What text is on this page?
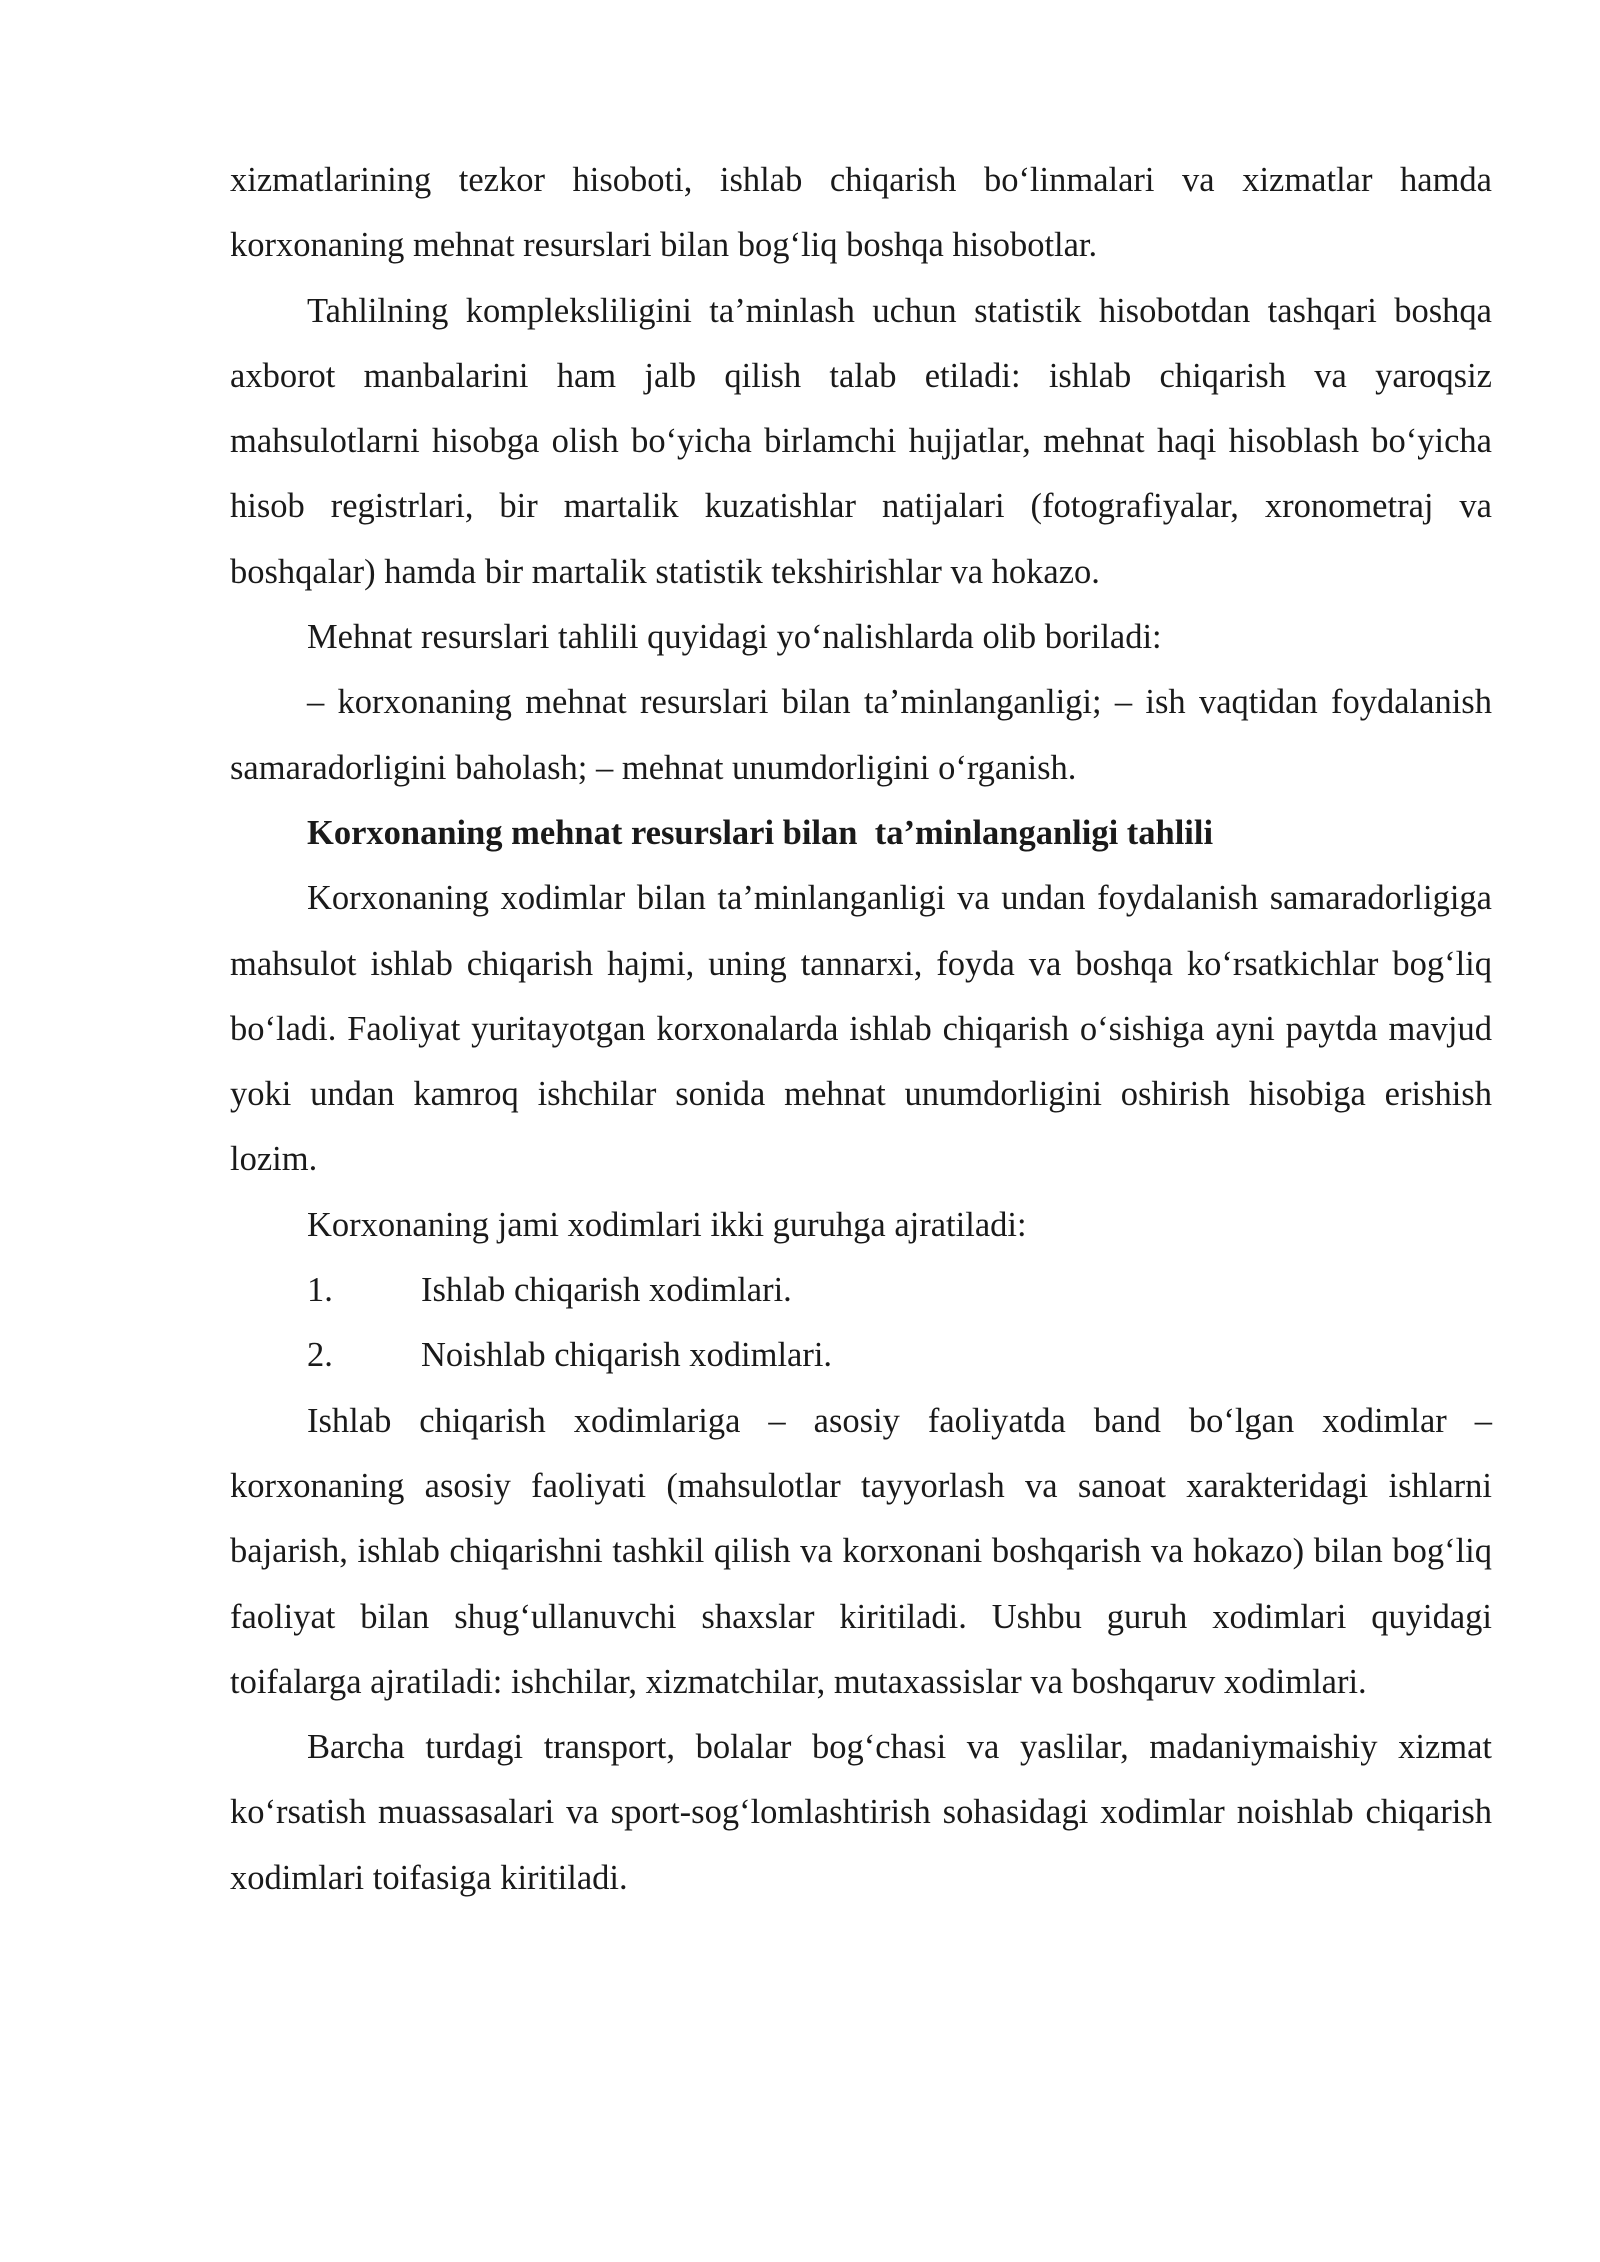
xizmatlarining tezkor hisoboti, ishlab chiqarish bo‘linmalari va xizmatlar hamda korxonaning mehnat resurslari bilan bog‘liq boshqa hisobotlar.

Tahlilning kompleksliligini ta’minlash uchun statistik hisobotdan tashqari boshqa axborot manbalarini ham jalb qilish talab etiladi: ishlab chiqarish va yaroqsiz mahsulotlarni hisobga olish bo‘yicha birlamchi hujjatlar, mehnat haqi hisoblash bo‘yicha hisob registrlari, bir martalik kuzatishlar natijalari (fotografiyalar, xronometraj va boshqalar) hamda bir martalik statistik tekshirishlar va hokazo.

Mehnat resurslari tahlili quyidagi yo‘nalishlarda olib boriladi:

– korxonaning mehnat resurslari bilan ta’minlanganligi; – ish vaqtidan foydalanish samaradorligini baholash; – mehnat unumdorligini o‘rganish.

Korxonaning mehnat resurslari bilan  ta’minlanganligi tahlili

Korxonaning xodimlar bilan ta’minlanganligi va undan foydalanish samaradorligiga mahsulot ishlab chiqarish hajmi, uning tannarxi, foyda va boshqa ko‘rsatkichlar bog‘liq bo‘ladi. Faoliyat yuritayotgan korxonalarda ishlab chiqarish o‘sishiga ayni paytda mavjud yoki undan kamroq ishchilar sonida mehnat unumdorligini oshirish hisobiga erishish lozim.

Korxonaning jami xodimlari ikki guruhga ajratiladi:

1.	Ishlab chiqarish xodimlari.
2.	Noishlab chiqarish xodimlari.

Ishlab chiqarish xodimlariga – asosiy faoliyatda band bo‘lgan xodimlar – korxonaning asosiy faoliyati (mahsulotlar tayyorlash va sanoat xarakteridagi ishlarni bajarish, ishlab chiqarishni tashkil qilish va korxonani boshqarish va hokazo) bilan bog‘liq faoliyat bilan shug‘ullanuvchi shaxslar kiritiladi. Ushbu guruh xodimlari quyidagi toifalarga ajratiladi: ishchilar, xizmatchilar, mutaxassislar va boshqaruv xodimlari.

Barcha turdagi transport, bolalar bog‘chasi va yaslilar, madaniymaishiy xizmat ko‘rsatish muassasalari va sport-sog‘lomlashtirish sohasidagi xodimlar noishlab chiqarish xodimlari toifasiga kiritiladi.
